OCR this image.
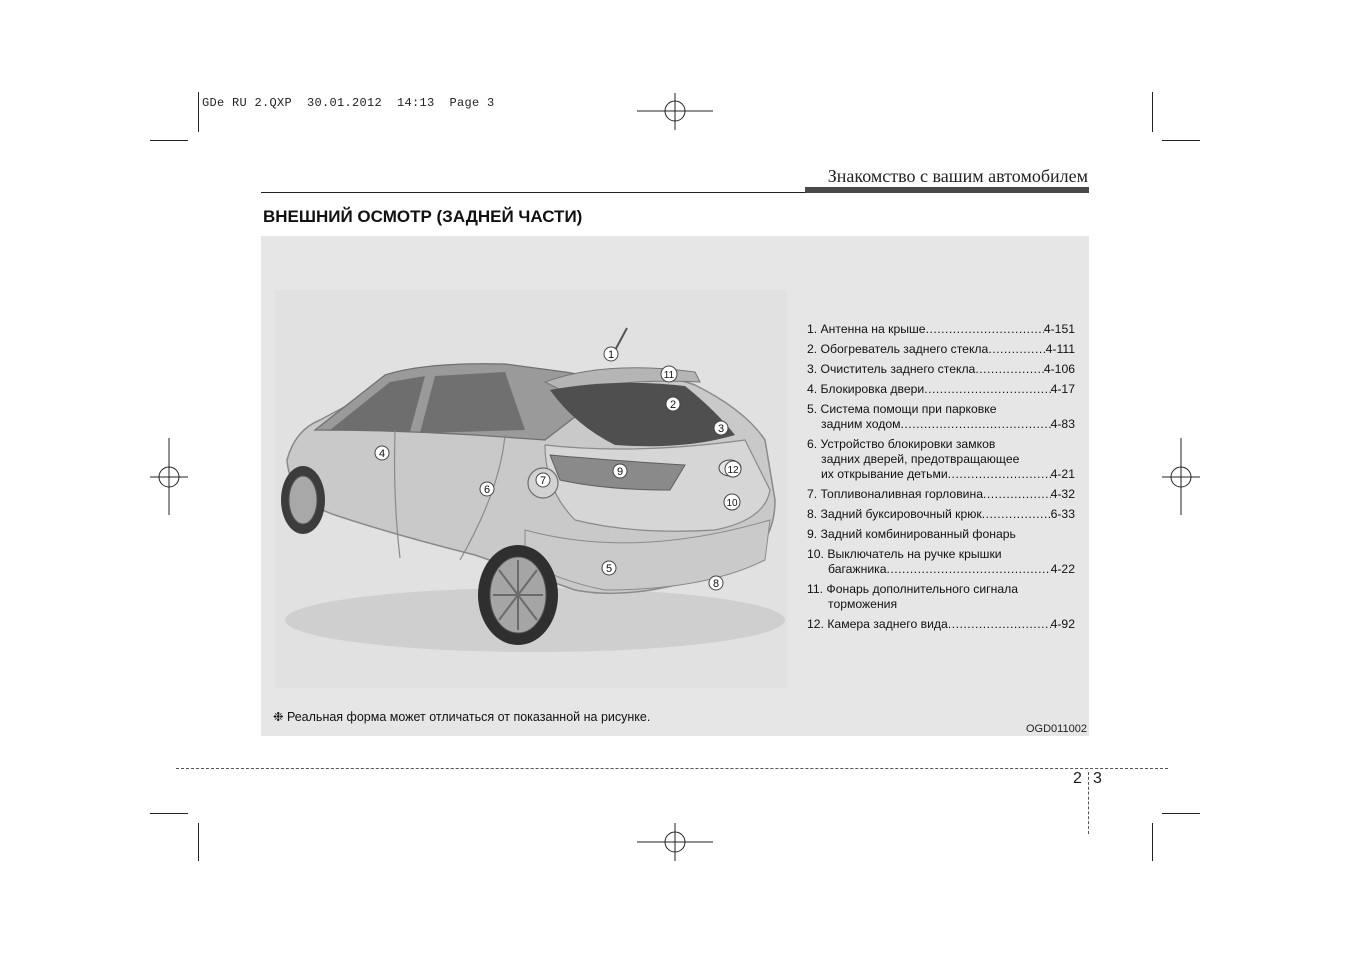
GDe RU 2.QXP  30.01.2012  14:13  Page 3
Знакомство с вашим автомобилем
ВНЕШНИЙ ОСМОТР (ЗАДНЕЙ ЧАСТИ)
1
2
3
4
5
6
7
8
9
10
11
12
1. Антенна на крыше .....	4-151
2. Обогреватель заднего стекла .....	4-111
3. Очиститель заднего стекла .....	4-106
4. Блокировка двери .....	4-17
5. Система помощи при парковке
задним ходом .....	4-83
6. Устройство блокировки замков
задних дверей, предотвращающее
их открывание детьми .....	4-21
7. Топливоналивная горловина .....	4-32
8. Задний буксировочный крюк .....	6-33
9. Задний комбинированный фонарь
10. Выключатель на ручке крышки
багажника .....	4-22
11. Фонарь дополнительного сигнала
торможения
12. Камера заднего вида .....	4-92
❉ Реальная форма может отличаться от показанной на рисунке.
OGD011002
2 3
